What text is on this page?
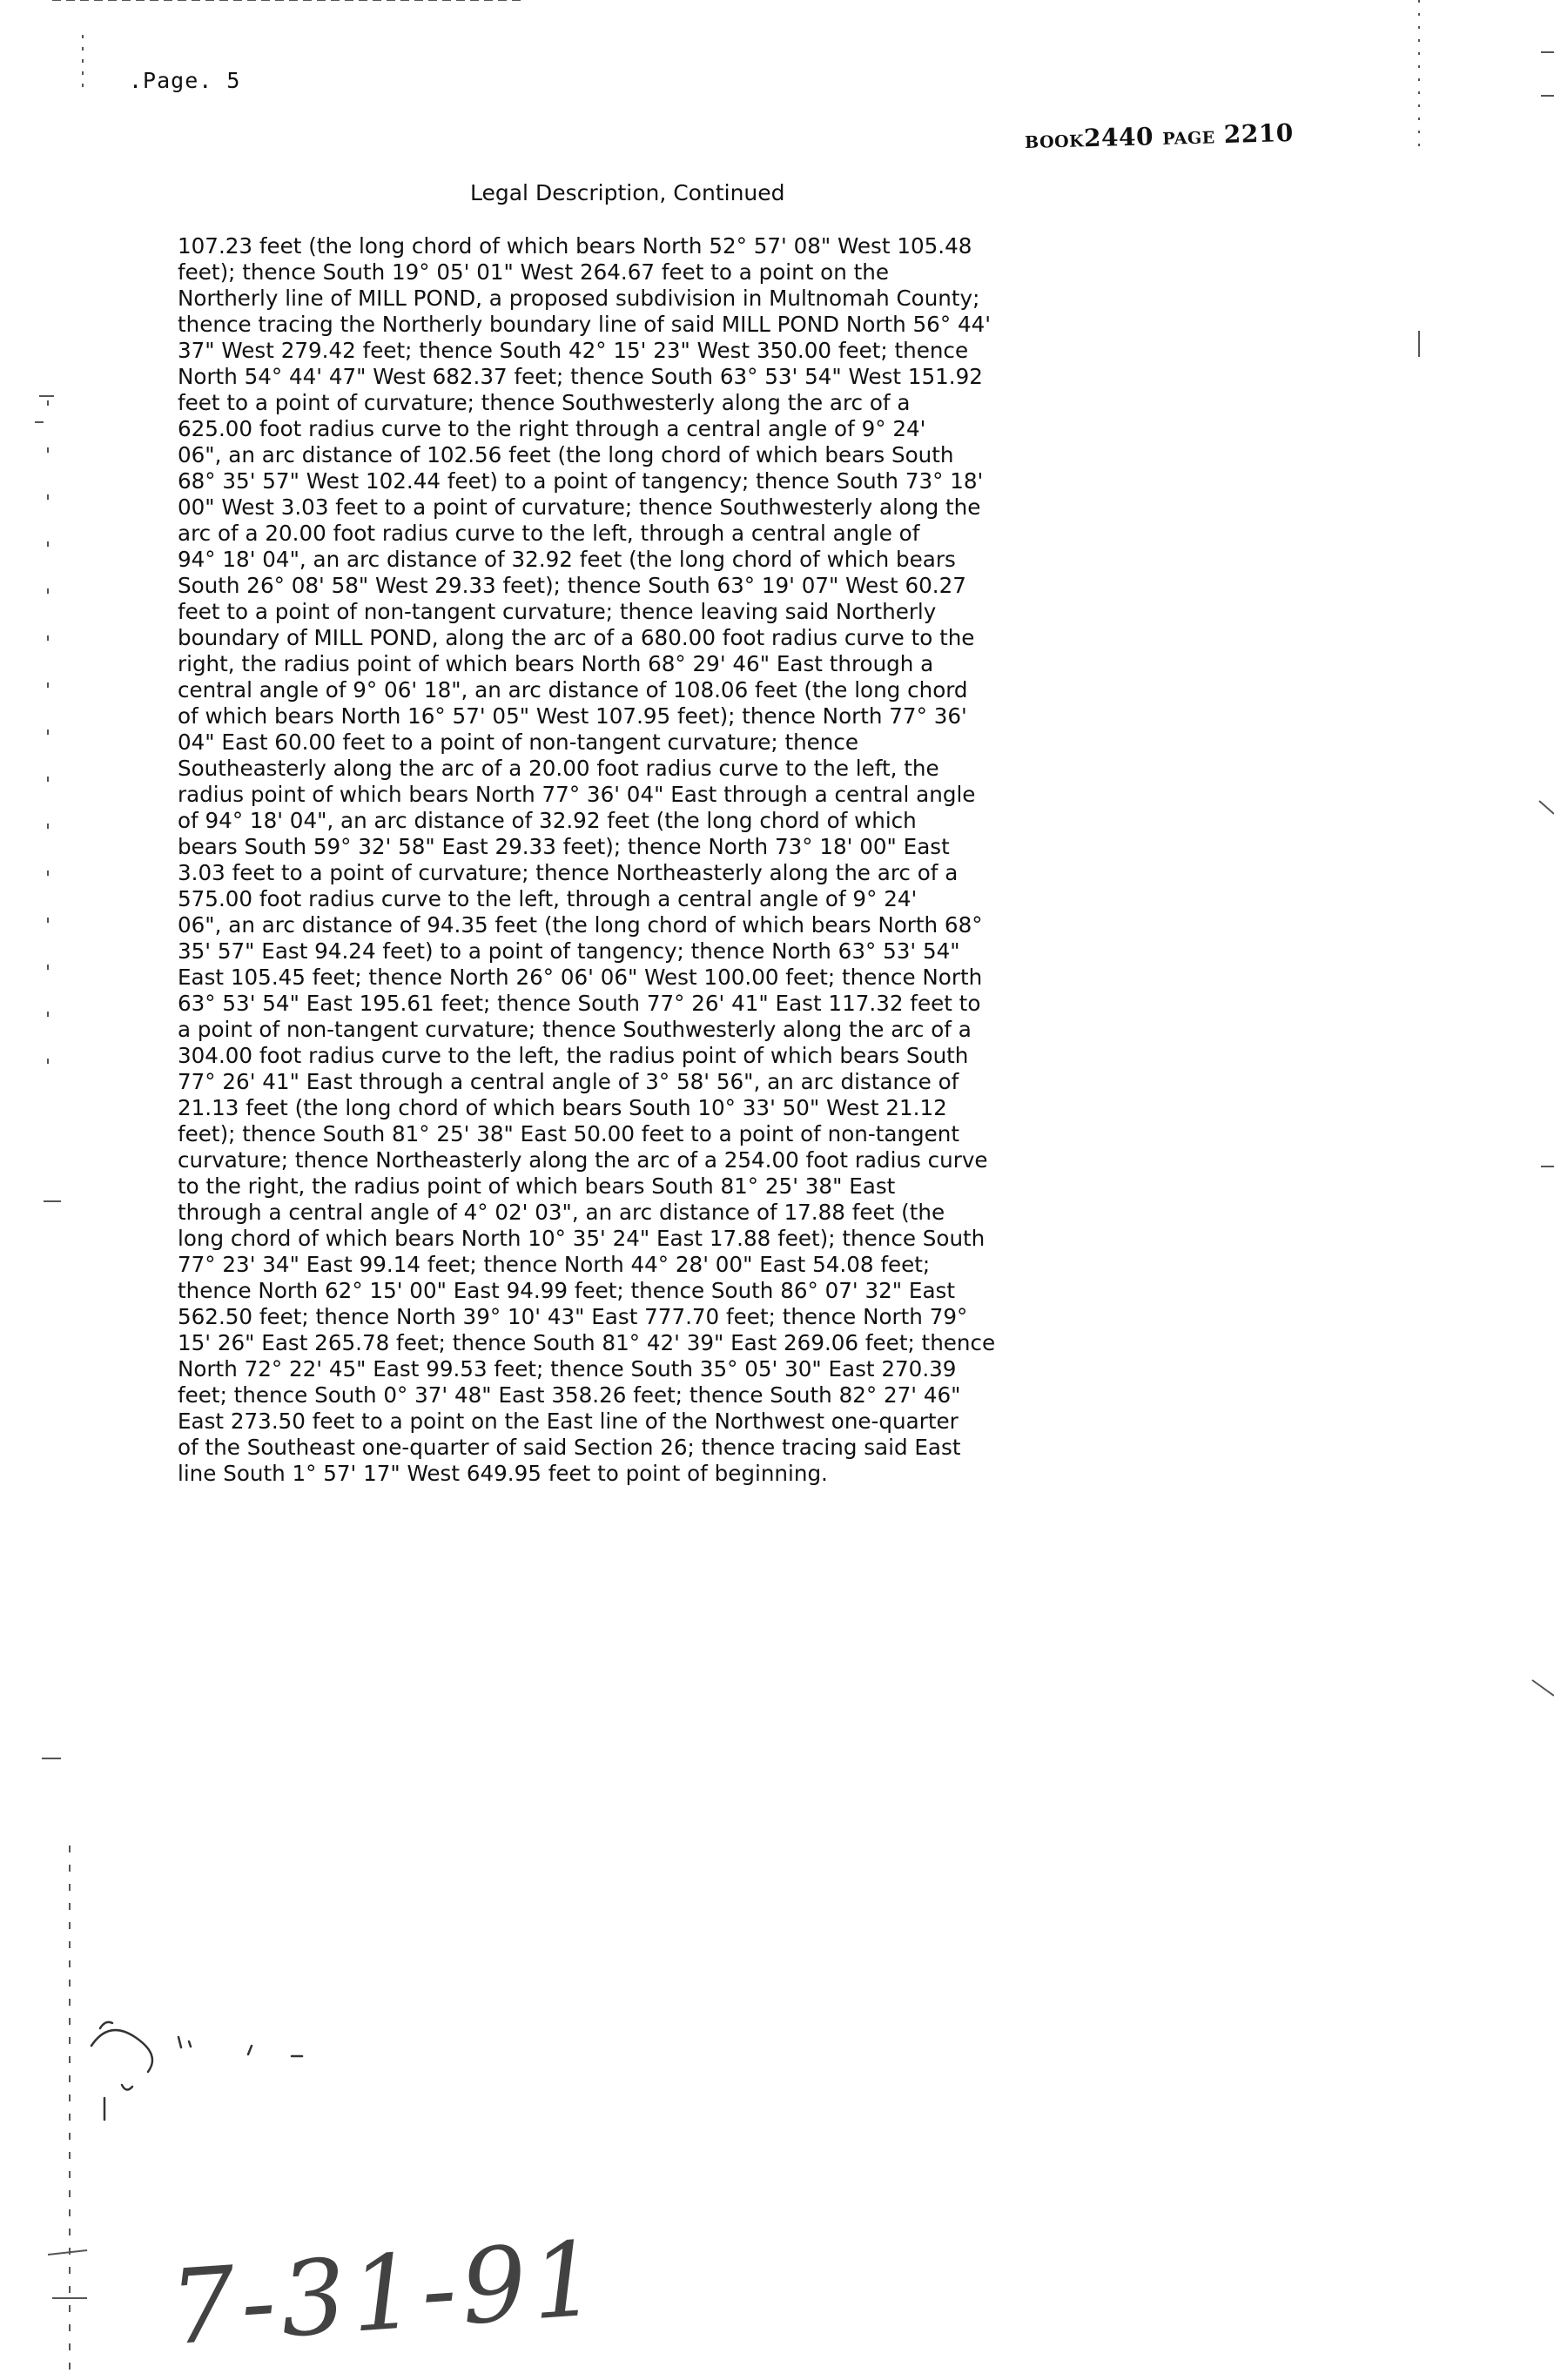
.Page. 5
BOOK2440 PAGE 2210
Legal Description, Continued
107.23 feet (the long chord of which bears North 52° 57' 08" West 105.48
feet); thence South 19° 05' 01" West 264.67 feet to a point on the
Northerly line of MILL POND, a proposed subdivision in Multnomah County;
thence tracing the Northerly boundary line of said MILL POND North 56° 44'
37" West 279.42 feet; thence South 42° 15' 23" West 350.00 feet; thence
North 54° 44' 47" West 682.37 feet; thence South 63° 53' 54" West 151.92
feet to a point of curvature; thence Southwesterly along the arc of a
625.00 foot radius curve to the right through a central angle of 9° 24'
06", an arc distance of 102.56 feet (the long chord of which bears South
68° 35' 57" West 102.44 feet) to a point of tangency; thence South 73° 18'
00" West 3.03 feet to a point of curvature; thence Southwesterly along the
arc of a 20.00 foot radius curve to the left, through a central angle of
94° 18' 04", an arc distance of 32.92 feet (the long chord of which bears
South 26° 08' 58" West 29.33 feet); thence South 63° 19' 07" West 60.27
feet to a point of non-tangent curvature; thence leaving said Northerly
boundary of MILL POND, along the arc of a 680.00 foot radius curve to the
right, the radius point of which bears North 68° 29' 46" East through a
central angle of 9° 06' 18", an arc distance of 108.06 feet (the long chord
of which bears North 16° 57' 05" West 107.95 feet); thence North 77° 36'
04" East 60.00 feet to a point of non-tangent curvature; thence
Southeasterly along the arc of a 20.00 foot radius curve to the left, the
radius point of which bears North 77° 36' 04" East through a central angle
of 94° 18' 04", an arc distance of 32.92 feet (the long chord of which
bears South 59° 32' 58" East 29.33 feet); thence North 73° 18' 00" East
3.03 feet to a point of curvature; thence Northeasterly along the arc of a
575.00 foot radius curve to the left, through a central angle of 9° 24'
06", an arc distance of 94.35 feet (the long chord of which bears North 68°
35' 57" East 94.24 feet) to a point of tangency; thence North 63° 53' 54"
East 105.45 feet; thence North 26° 06' 06" West 100.00 feet; thence North
63° 53' 54" East 195.61 feet; thence South 77° 26' 41" East 117.32 feet to
a point of non-tangent curvature; thence Southwesterly along the arc of a
304.00 foot radius curve to the left, the radius point of which bears South
77° 26' 41" East through a central angle of 3° 58' 56", an arc distance of
21.13 feet (the long chord of which bears South 10° 33' 50" West 21.12
feet); thence South 81° 25' 38" East 50.00 feet to a point of non-tangent
curvature; thence Northeasterly along the arc of a 254.00 foot radius curve
to the right, the radius point of which bears South 81° 25' 38" East
through a central angle of 4° 02' 03", an arc distance of 17.88 feet (the
long chord of which bears North 10° 35' 24" East 17.88 feet); thence South
77° 23' 34" East 99.14 feet; thence North 44° 28' 00" East 54.08 feet;
thence North 62° 15' 00" East 94.99 feet; thence South 86° 07' 32" East
562.50 feet; thence North 39° 10' 43" East 777.70 feet; thence North 79°
15' 26" East 265.78 feet; thence South 81° 42' 39" East 269.06 feet; thence
North 72° 22' 45" East 99.53 feet; thence South 35° 05' 30" East 270.39
feet; thence South 0° 37' 48" East 358.26 feet; thence South 82° 27' 46"
East 273.50 feet to a point on the East line of the Northwest one-quarter
of the Southeast one-quarter of said Section 26; thence tracing said East
line South 1° 57' 17" West 649.95 feet to point of beginning.
7-31-91
